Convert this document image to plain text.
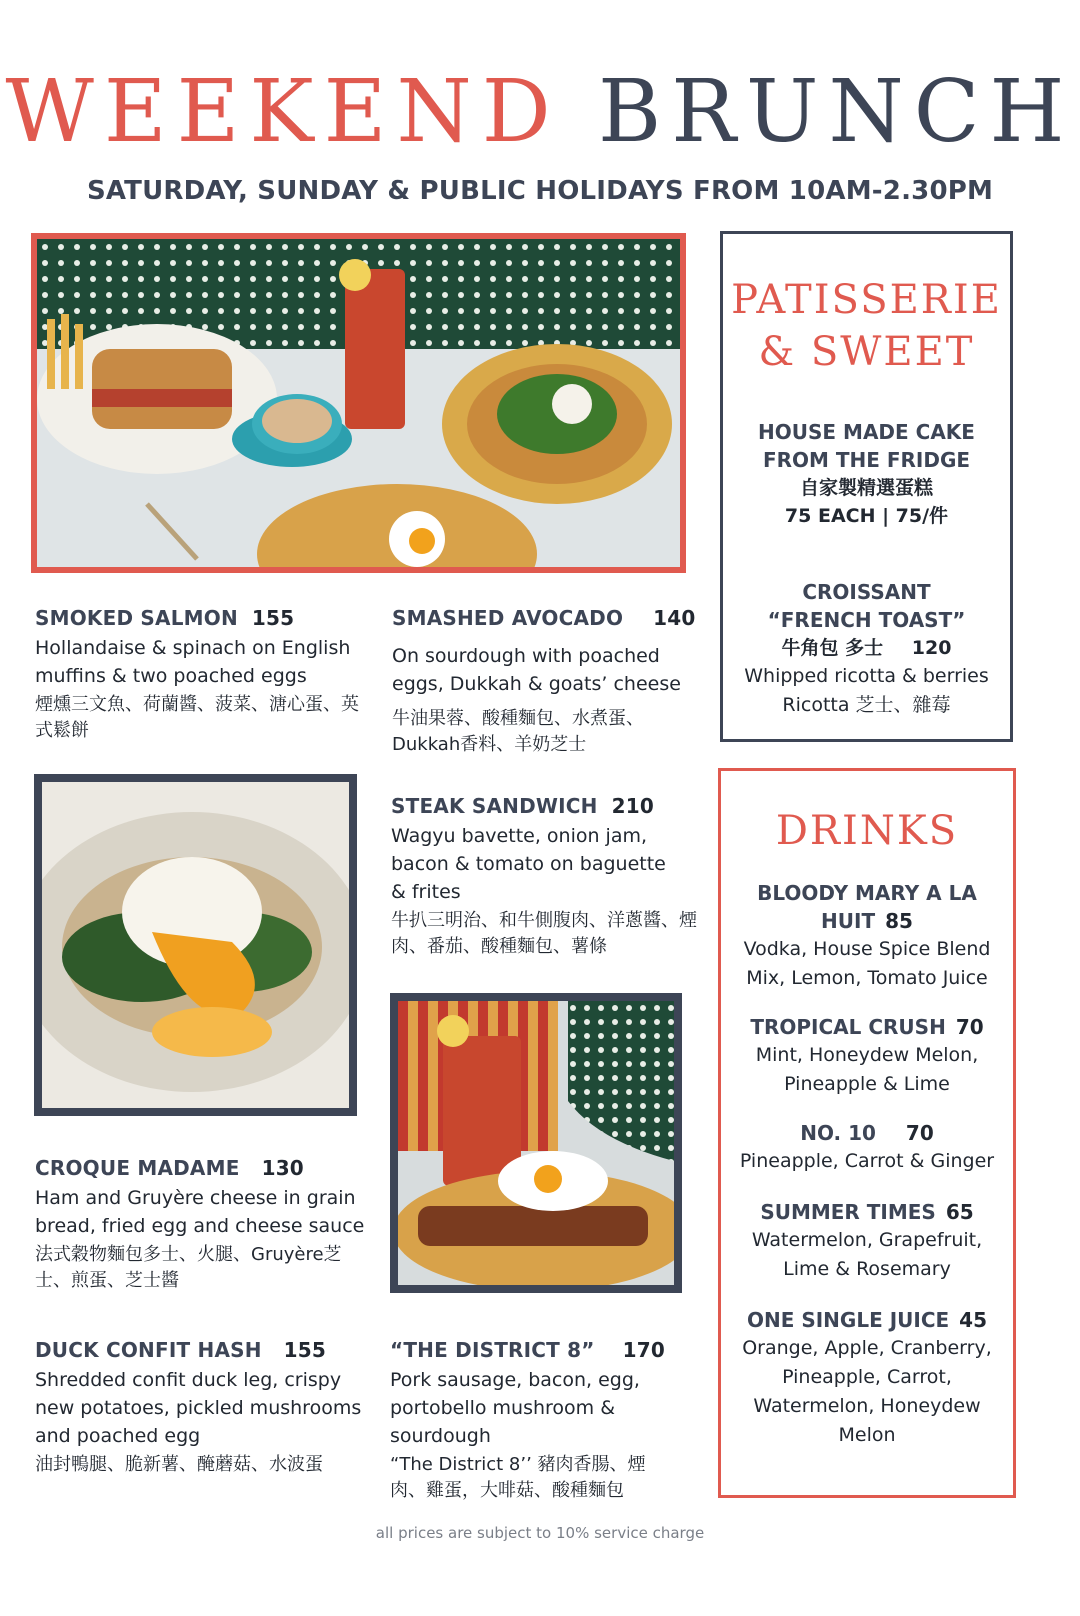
WEEKEND BRUNCH
SATURDAY, SUNDAY & PUBLIC HOLIDAYS FROM 10AM-2.30PM
PATISSERIE
& SWEET
HOUSE MADE CAKE
FROM THE FRIDGE
自家製精選蛋糕
75 EACH | 75/件
CROISSANT
“FRENCH TOAST”
牛角包 多士 120
Whipped ricotta & berries
Ricotta 芝士、雜莓
SMOKED SALMON 155
Hollandaise & spinach on English muffins & two poached eggs
煙燻三文魚、荷蘭醬、菠菜、溏心蛋、英式鬆餅
SMASHED AVOCADO 140
On sourdough with poached eggs, Dukkah & goats’ cheese
牛油果蓉、酸種麵包、水煮蛋、Dukkah香料、羊奶芝士
STEAK SANDWICH 210
Wagyu bavette, onion jam, bacon & tomato on baguette & frites
牛扒三明治、和牛側腹肉、洋蔥醬、煙肉、番茄、酸種麵包、薯條
DRINKS
BLOODY MARY A LA
HUIT 85
Vodka, House Spice Blend Mix, Lemon, Tomato Juice
TROPICAL CRUSH 70
Mint, Honeydew Melon, Pineapple & Lime
NO. 10 70
Pineapple, Carrot & Ginger
SUMMER TIMES 65
Watermelon, Grapefruit, Lime & Rosemary
ONE SINGLE JUICE 45
Orange, Apple, Cranberry, Pineapple, Carrot, Watermelon, Honeydew Melon
CROQUE MADAME 130
Ham and Gruyère cheese in grain bread, fried egg and cheese sauce
法式穀物麵包多士、火腿、Gruyère芝士、煎蛋、芝士醬
DUCK CONFIT HASH 155
Shredded confit duck leg, crispy new potatoes, pickled mushrooms and poached egg
油封鴨腿、脆新薯、醃蘑菇、水波蛋
“THE DISTRICT 8” 170
Pork sausage, bacon, egg, portobello mushroom & sourdough
“The District 8’’ 豬肉香腸、煙肉、雞蛋，大啡菇、酸種麵包
all prices are subject to 10% service charge
